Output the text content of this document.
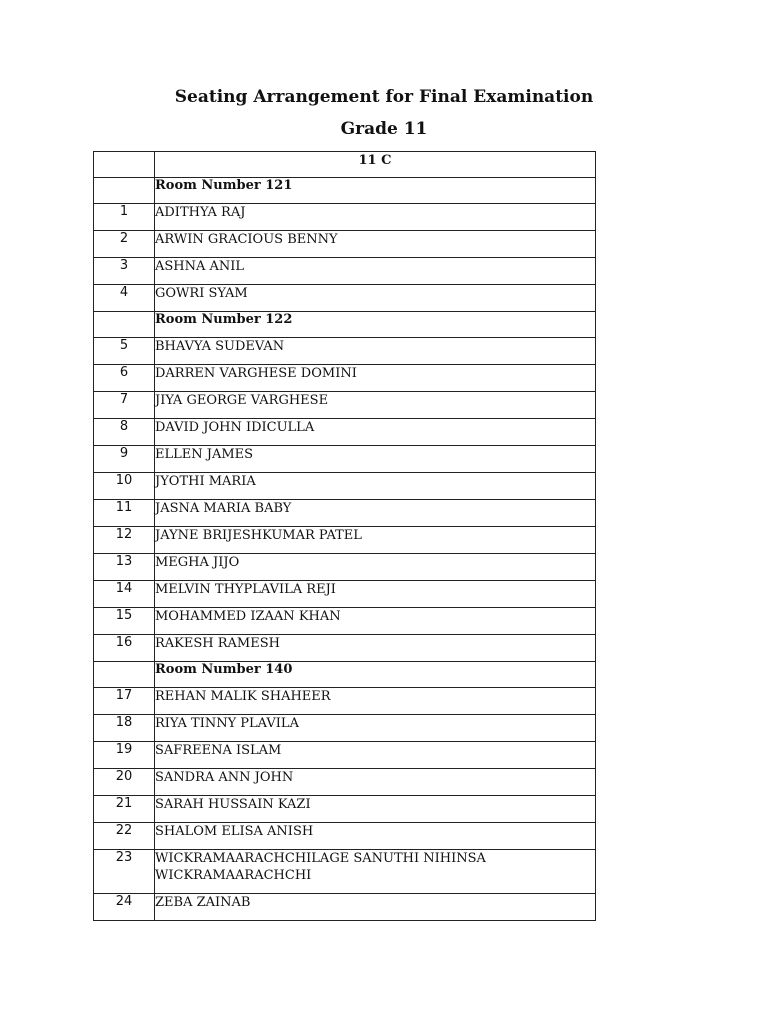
Seating Arrangement for Final Examination
Grade 11
	11 C
	Room Number 121
1	ADITHYA RAJ
2	ARWIN GRACIOUS BENNY
3	ASHNA ANIL
4	GOWRI SYAM
	Room Number 122
5	BHAVYA SUDEVAN
6	DARREN VARGHESE DOMINI
7	JIYA GEORGE VARGHESE
8	DAVID JOHN IDICULLA
9	ELLEN JAMES
10	JYOTHI MARIA
11	JASNA MARIA BABY
12	JAYNE BRIJESHKUMAR PATEL
13	MEGHA JIJO
14	MELVIN THYPLAVILA REJI
15	MOHAMMED IZAAN KHAN
16	RAKESH RAMESH
	Room Number 140
17	REHAN MALIK SHAHEER
18	RIYA TINNY PLAVILA
19	SAFREENA ISLAM
20	SANDRA ANN JOHN
21	SARAH HUSSAIN KAZI
22	SHALOM ELISA ANISH
23	WICKRAMAARACHCHILAGE SANUTHI NIHINSA WICKRAMAARACHCHI
24	ZEBA ZAINAB
